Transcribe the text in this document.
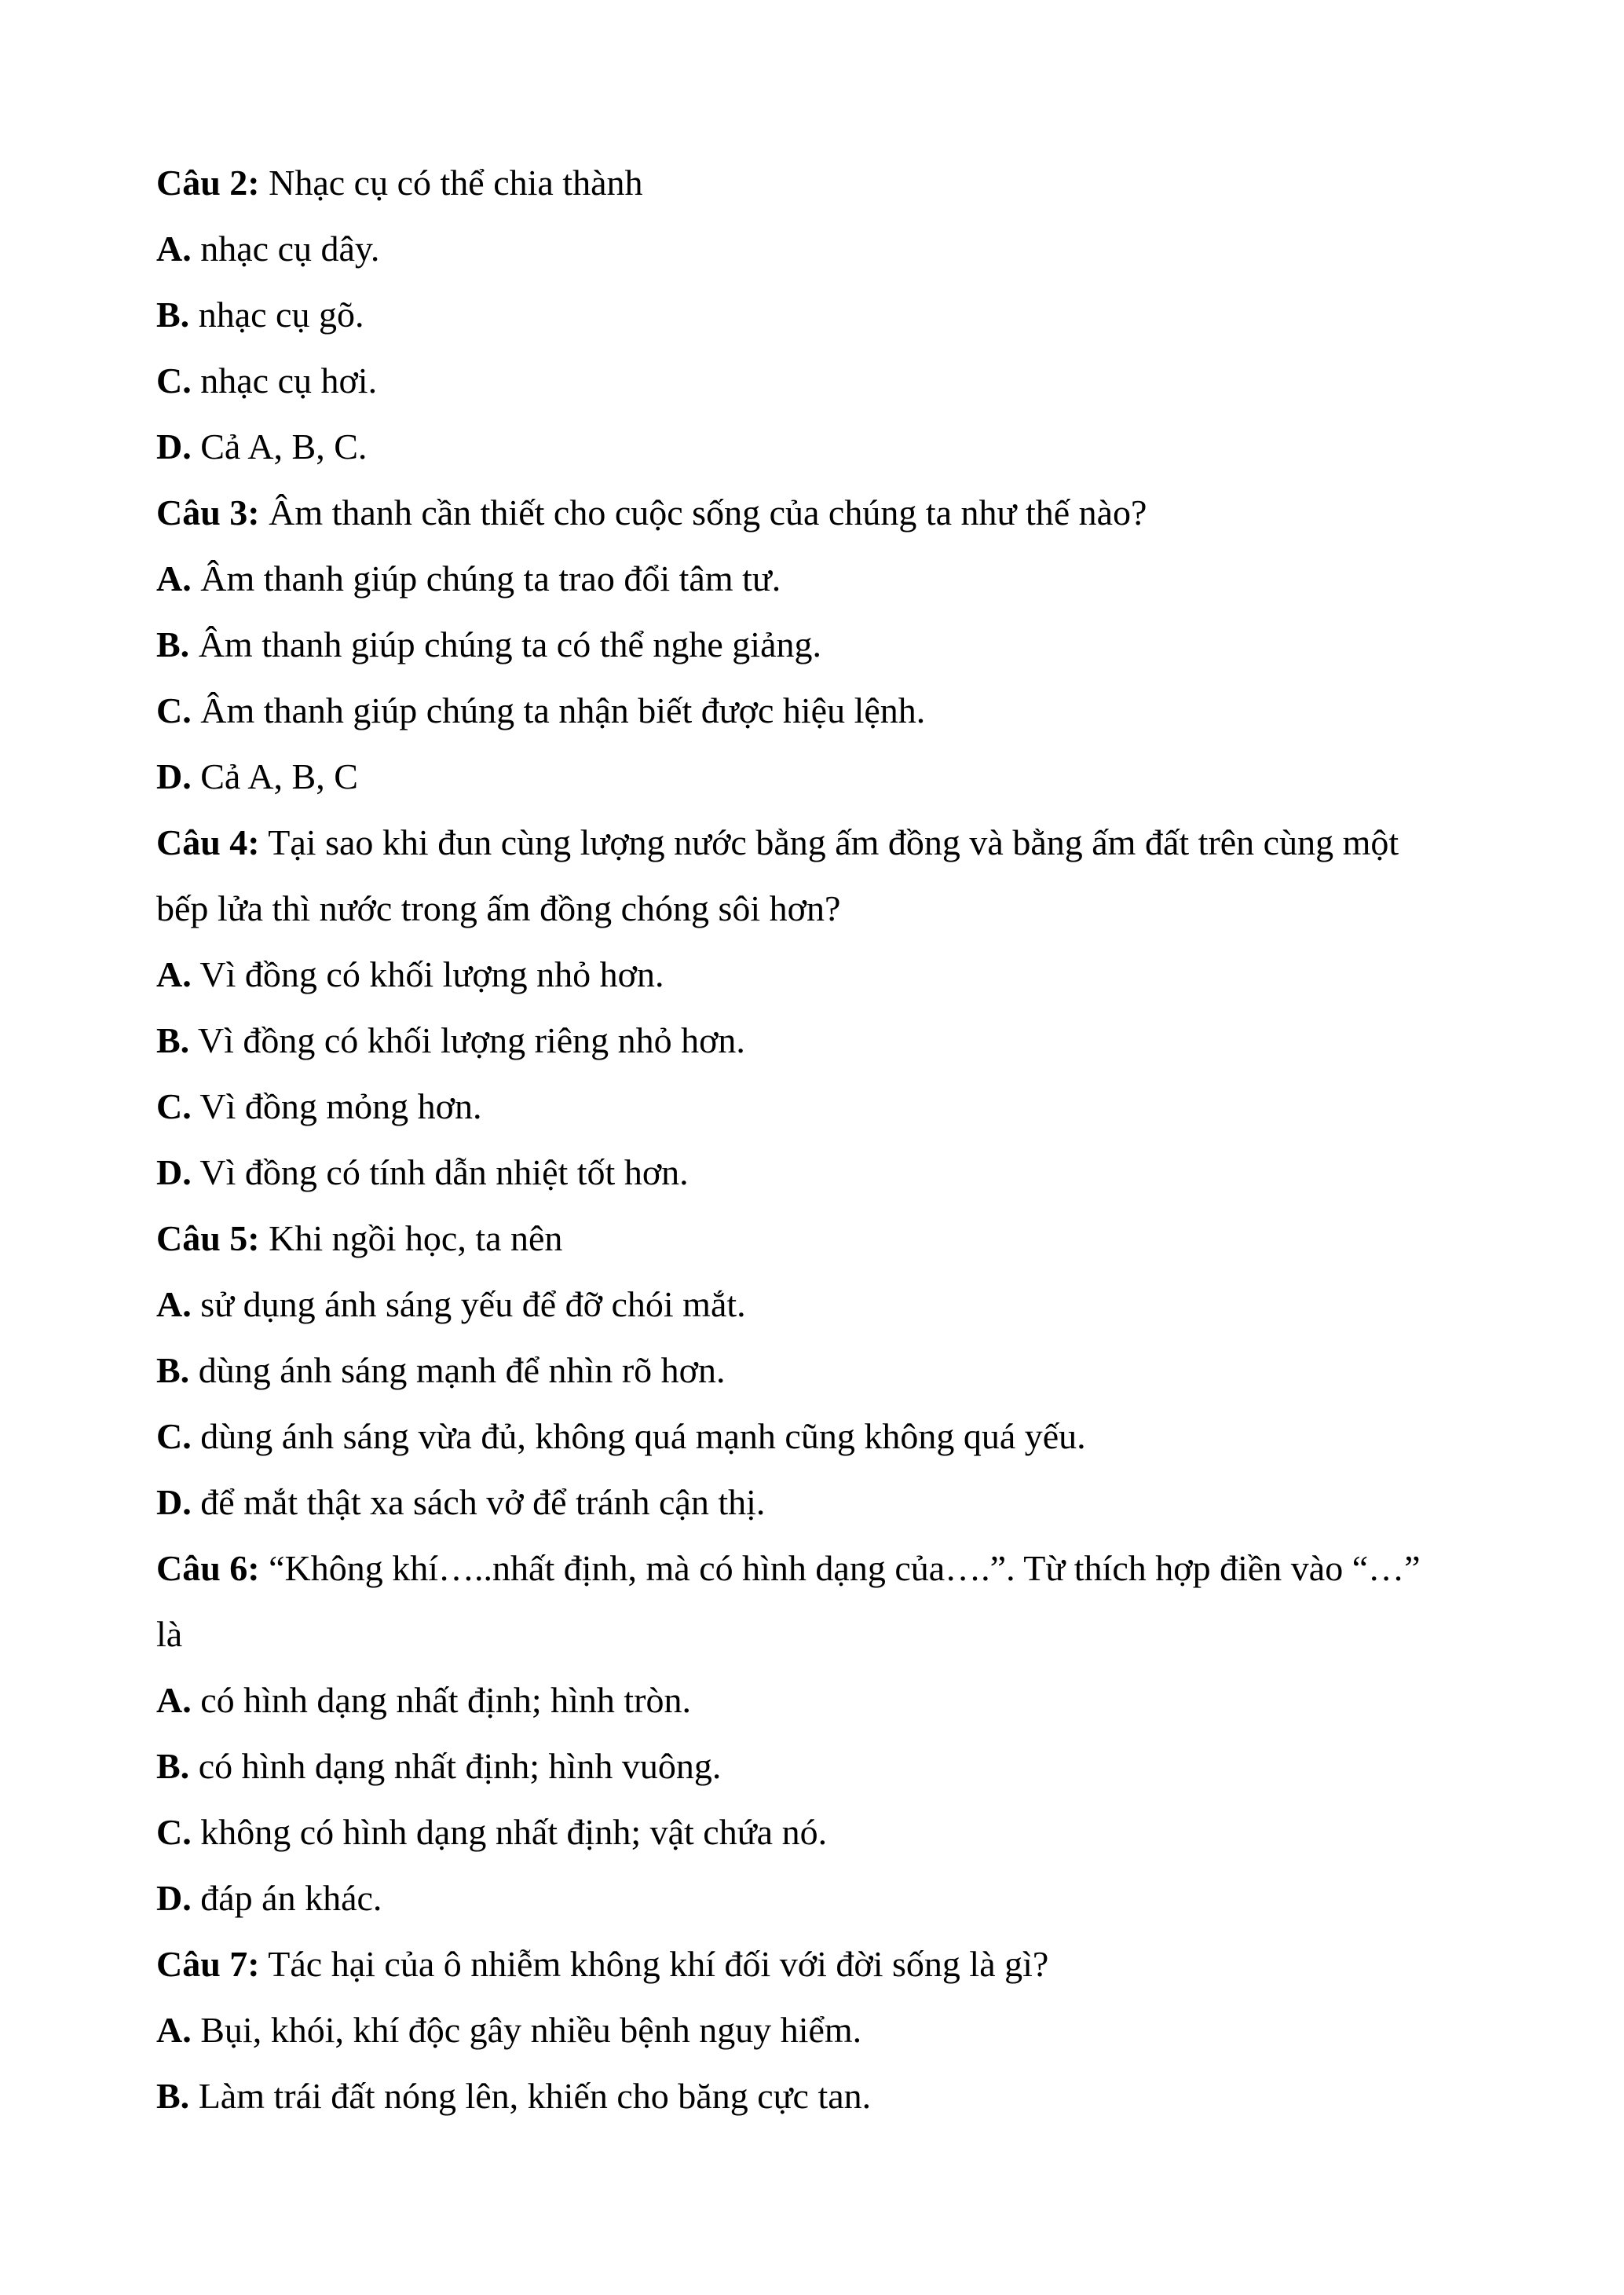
Câu 2: Nhạc cụ có thể chia thành
A. nhạc cụ dây.
B. nhạc cụ gõ.
C. nhạc cụ hơi.
D. Cả A, B, C.
Câu 3: Âm thanh cần thiết cho cuộc sống của chúng ta như thế nào?
A. Âm thanh giúp chúng ta trao đổi tâm tư.
B. Âm thanh giúp chúng ta có thể nghe giảng.
C. Âm thanh giúp chúng ta nhận biết được hiệu lệnh.
D. Cả A, B, C
Câu 4: Tại sao khi đun cùng lượng nước bằng ấm đồng và bằng ấm đất trên cùng một
bếp lửa thì nước trong ấm đồng chóng sôi hơn?
A. Vì đồng có khối lượng nhỏ hơn.
B. Vì đồng có khối lượng riêng nhỏ hơn.
C. Vì đồng mỏng hơn.
D. Vì đồng có tính dẫn nhiệt tốt hơn.
Câu 5: Khi ngồi học, ta nên
A. sử dụng ánh sáng yếu để đỡ chói mắt.
B. dùng ánh sáng mạnh để nhìn rõ hơn.
C. dùng ánh sáng vừa đủ, không quá mạnh cũng không quá yếu.
D. để mắt thật xa sách vở để tránh cận thị.
Câu 6: “Không khí…..nhất định, mà có hình dạng của….”. Từ thích hợp điền vào “…”
là
A. có hình dạng nhất định; hình tròn.
B. có hình dạng nhất định; hình vuông.
C. không có hình dạng nhất định; vật chứa nó.
D. đáp án khác.
Câu 7: Tác hại của ô nhiễm không khí đối với đời sống là gì?
A. Bụi, khói, khí độc gây nhiều bệnh nguy hiểm.
B. Làm trái đất nóng lên, khiến cho băng cực tan.
